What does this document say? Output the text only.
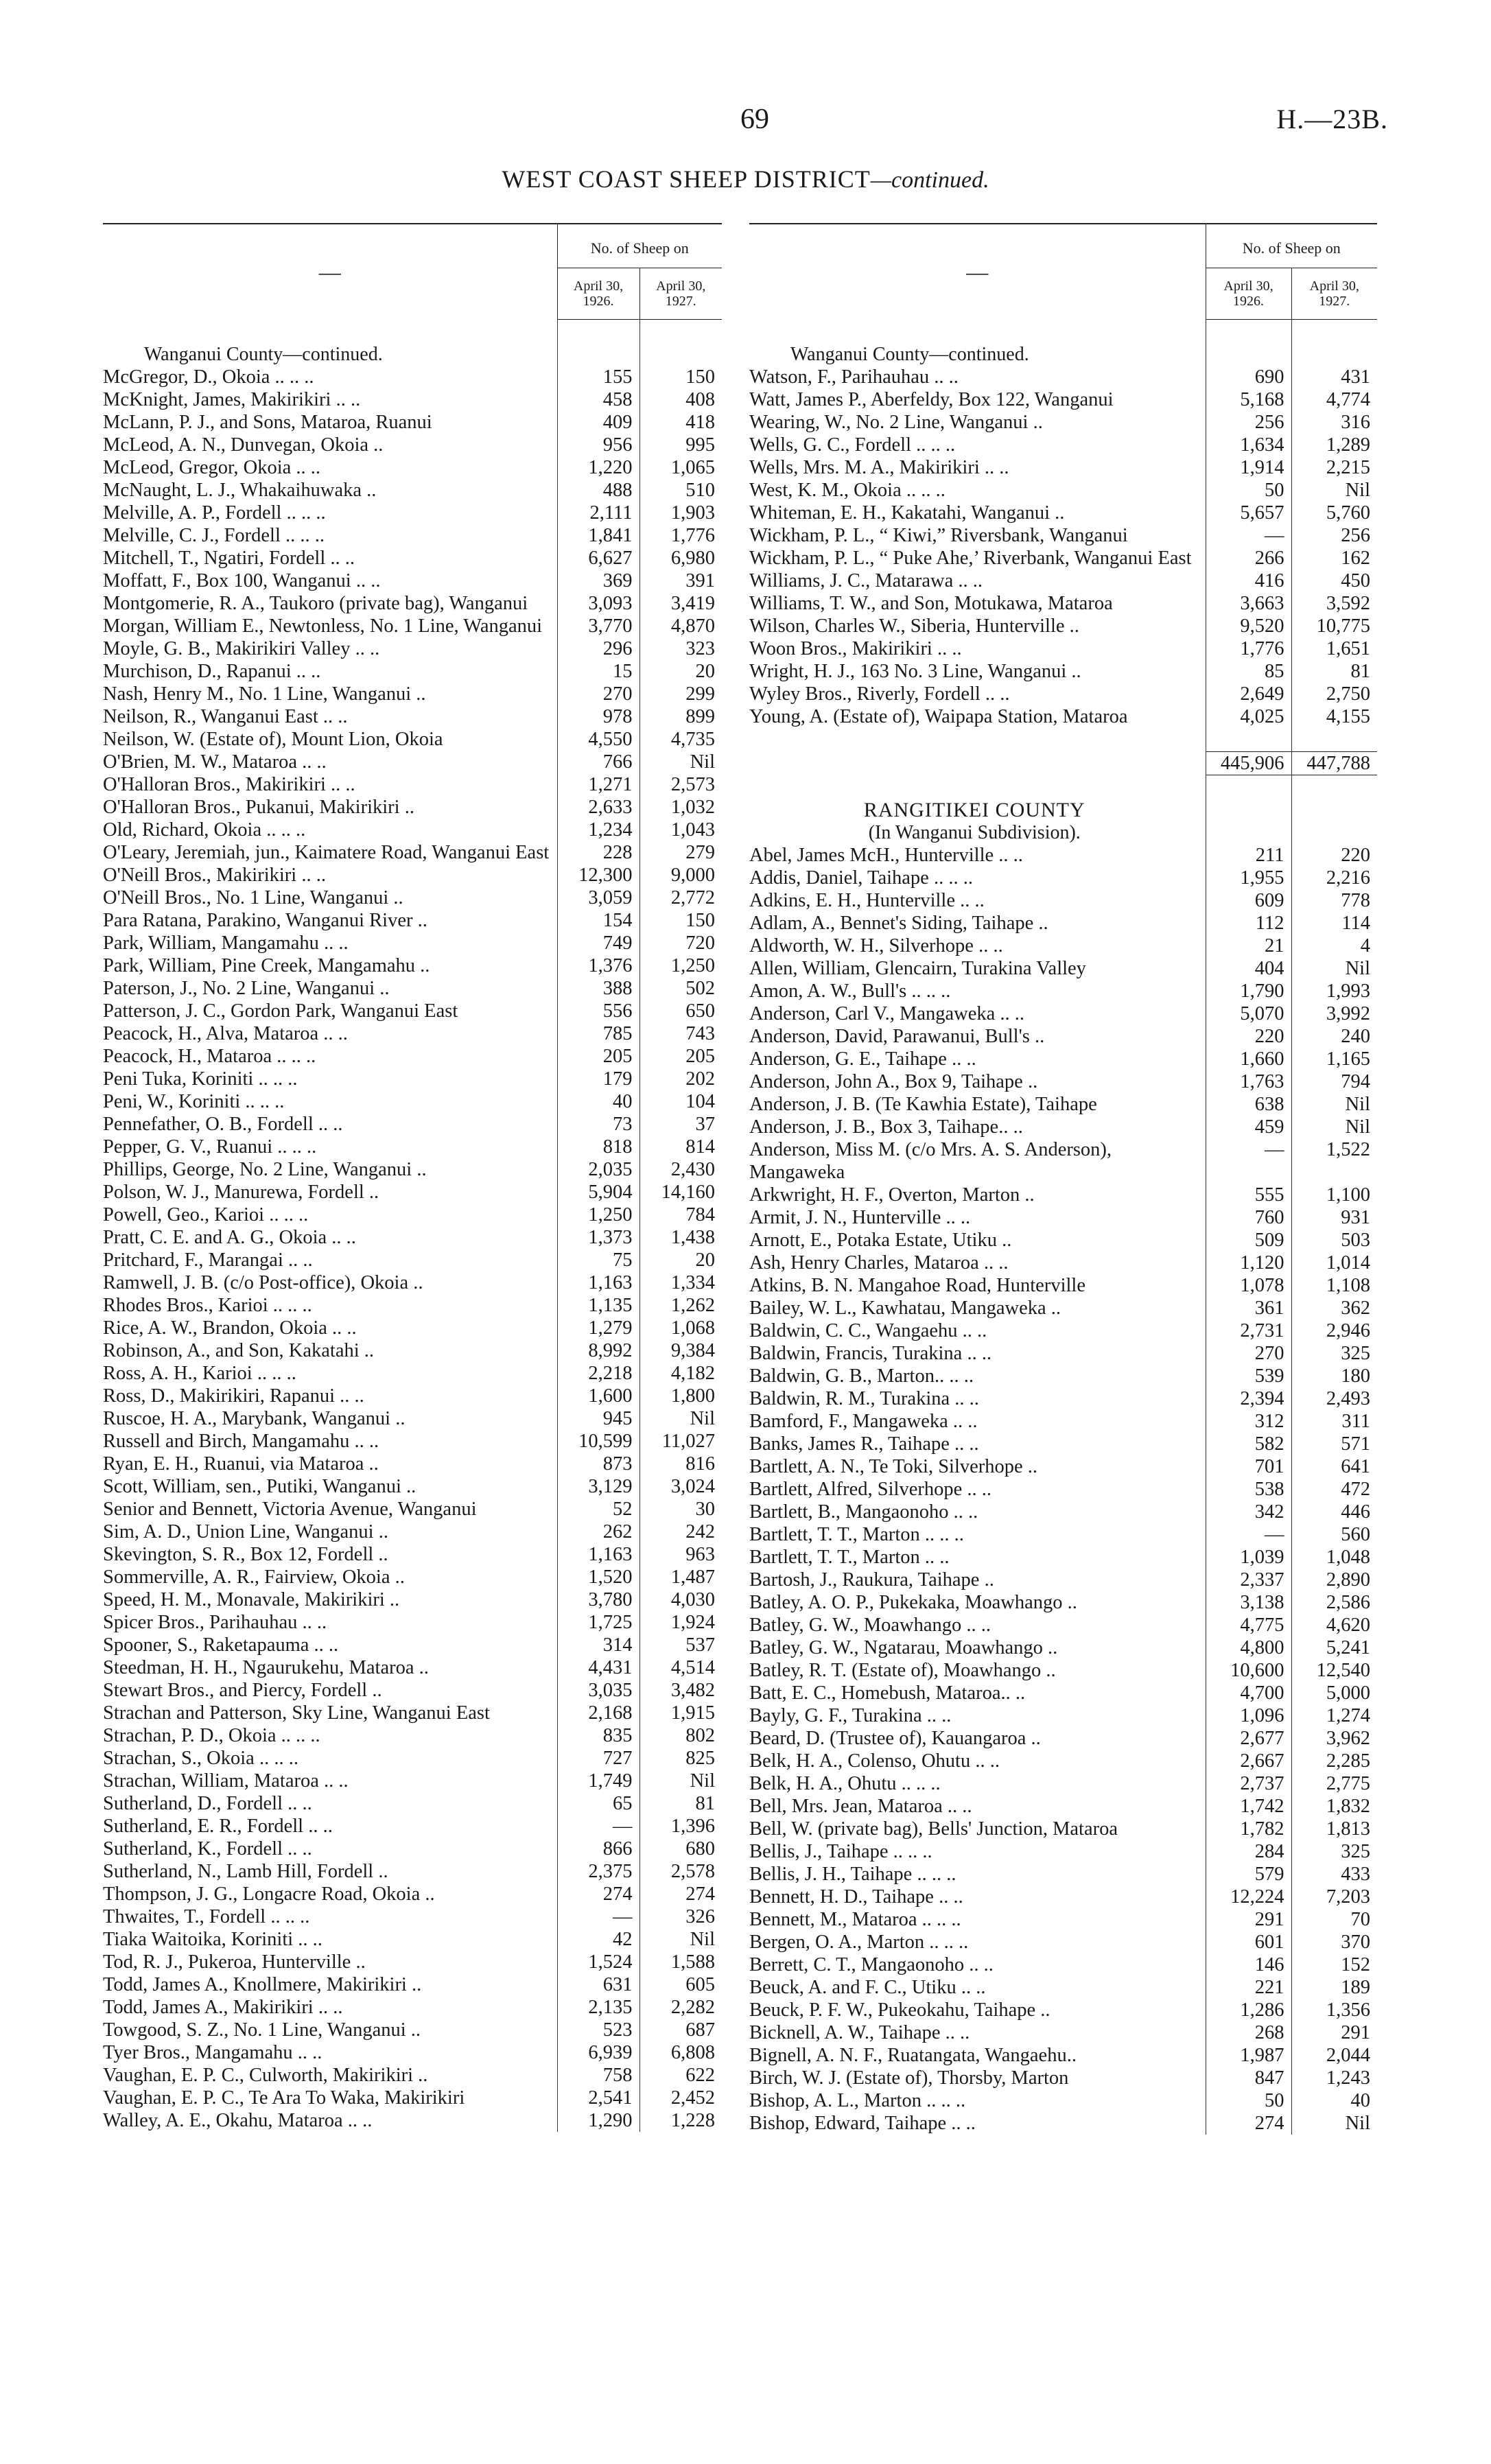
69	H.—23B.
WEST COAST SHEEP DISTRICT—continued.
—	No. of Sheep on	
	April 30, 1926.	April 30, 1927.

Wanganui County—continued.		
McGregor, D., Okoia .. .. ..	155	150
McKnight, James, Makirikiri .. ..	458	408
McLann, P. J., and Sons, Mataroa, Ruanui	409	418
McLeod, A. N., Dunvegan, Okoia ..	956	995
McLeod, Gregor, Okoia .. ..	1,220	1,065
McNaught, L. J., Whakaihuwaka ..	488	510
Melville, A. P., Fordell .. .. ..	2,111	1,903
Melville, C. J., Fordell .. .. ..	1,841	1,776
Mitchell, T., Ngatiri, Fordell .. ..	6,627	6,980
Moffatt, F., Box 100, Wanganui .. ..	369	391
Montgomerie, R. A., Taukoro (private bag), Wanganui	3,093	3,419
Morgan, William E., Newtonless, No. 1 Line, Wanganui	3,770	4,870
Moyle, G. B., Makirikiri Valley .. ..	296	323
Murchison, D., Rapanui .. ..	15	20
Nash, Henry M., No. 1 Line, Wanganui ..	270	299
Neilson, R., Wanganui East .. ..	978	899
Neilson, W. (Estate of), Mount Lion, Okoia	4,550	4,735
O'Brien, M. W., Mataroa .. ..	766	Nil
O'Halloran Bros., Makirikiri .. ..	1,271	2,573
O'Halloran Bros., Pukanui, Makirikiri ..	2,633	1,032
Old, Richard, Okoia .. .. ..	1,234	1,043
O'Leary, Jeremiah, jun., Kaimatere Road, Wanganui East	228	279
O'Neill Bros., Makirikiri .. ..	12,300	9,000
O'Neill Bros., No. 1 Line, Wanganui ..	3,059	2,772
Para Ratana, Parakino, Wanganui River ..	154	150
Park, William, Mangamahu .. ..	749	720
Park, William, Pine Creek, Mangamahu ..	1,376	1,250
Paterson, J., No. 2 Line, Wanganui ..	388	502
Patterson, J. C., Gordon Park, Wanganui East	556	650
Peacock, H., Alva, Mataroa .. ..	785	743
Peacock, H., Mataroa .. .. ..	205	205
Peni Tuka, Koriniti .. .. ..	179	202
Peni, W., Koriniti .. .. ..	40	104
Pennefather, O. B., Fordell .. ..	73	37
Pepper, G. V., Ruanui .. .. ..	818	814
Phillips, George, No. 2 Line, Wanganui ..	2,035	2,430
Polson, W. J., Manurewa, Fordell ..	5,904	14,160
Powell, Geo., Karioi .. .. ..	1,250	784
Pratt, C. E. and A. G., Okoia .. ..	1,373	1,438
Pritchard, F., Marangai .. ..	75	20
Ramwell, J. B. (c/o Post-office), Okoia ..	1,163	1,334
Rhodes Bros., Karioi .. .. ..	1,135	1,262
Rice, A. W., Brandon, Okoia .. ..	1,279	1,068
Robinson, A., and Son, Kakatahi ..	8,992	9,384
Ross, A. H., Karioi .. .. ..	2,218	4,182
Ross, D., Makirikiri, Rapanui .. ..	1,600	1,800
Ruscoe, H. A., Marybank, Wanganui ..	945	Nil
Russell and Birch, Mangamahu .. ..	10,599	11,027
Ryan, E. H., Ruanui, via Mataroa ..	873	816
Scott, William, sen., Putiki, Wanganui ..	3,129	3,024
Senior and Bennett, Victoria Avenue, Wanganui	52	30
Sim, A. D., Union Line, Wanganui ..	262	242
Skevington, S. R., Box 12, Fordell ..	1,163	963
Sommerville, A. R., Fairview, Okoia ..	1,520	1,487
Speed, H. M., Monavale, Makirikiri ..	3,780	4,030
Spicer Bros., Parihauhau .. ..	1,725	1,924
Spooner, S., Raketapauma .. ..	314	537
Steedman, H. H., Ngaurukehu, Mataroa ..	4,431	4,514
Stewart Bros., and Piercy, Fordell ..	3,035	3,482
Strachan and Patterson, Sky Line, Wanganui East	2,168	1,915
Strachan, P. D., Okoia .. .. ..	835	802
Strachan, S., Okoia .. .. ..	727	825
Strachan, William, Mataroa .. ..	1,749	Nil
Sutherland, D., Fordell .. ..	65	81
Sutherland, E. R., Fordell .. ..	—	1,396
Sutherland, K., Fordell .. ..	866	680
Sutherland, N., Lamb Hill, Fordell ..	2,375	2,578
Thompson, J. G., Longacre Road, Okoia ..	274	274
Thwaites, T., Fordell .. .. ..	—	326
Tiaka Waitoika, Koriniti .. ..	42	Nil
Tod, R. J., Pukeroa, Hunterville ..	1,524	1,588
Todd, James A., Knollmere, Makirikiri ..	631	605
Todd, James A., Makirikiri .. ..	2,135	2,282
Towgood, S. Z., No. 1 Line, Wanganui ..	523	687
Tyer Bros., Mangamahu .. ..	6,939	6,808
Vaughan, E. P. C., Culworth, Makirikiri ..	758	622
Vaughan, E. P. C., Te Ara To Waka, Makirikiri	2,541	2,452
Walley, A. E., Okahu, Mataroa .. ..	1,290	1,228
—	No. of Sheep on	
	April 30, 1926.	April 30, 1927.

Wanganui County—continued.		
Watson, F., Parihauhau .. ..	690	431
Watt, James P., Aberfeldy, Box 122, Wanganui	5,168	4,774
Wearing, W., No. 2 Line, Wanganui ..	256	316
Wells, G. C., Fordell .. .. ..	1,634	1,289
Wells, Mrs. M. A., Makirikiri .. ..	1,914	2,215
West, K. M., Okoia .. .. ..	50	Nil
Whiteman, E. H., Kakatahi, Wanganui ..	5,657	5,760
Wickham, P. L., “ Kiwi,” Riversbank, Wanganui	—	256
Wickham, P. L., “ Puke Ahe,’ Riverbank, Wanganui East	266	162
Williams, J. C., Matarawa .. ..	416	450
Williams, T. W., and Son, Motukawa, Mataroa	3,663	3,592
Wilson, Charles W., Siberia, Hunterville ..	9,520	10,775
Woon Bros., Makirikiri .. ..	1,776	1,651
Wright, H. J., 163 No. 3 Line, Wanganui ..	85	81
Wyley Bros., Riverly, Fordell .. ..	2,649	2,750
Young, A. (Estate of), Waipapa Station, Mataroa	4,025	4,155

	445,906	447,788

RANGITIKEI COUNTY		
(In Wanganui Subdivision).		
Abel, James McH., Hunterville .. ..	211	220
Addis, Daniel, Taihape .. .. ..	1,955	2,216
Adkins, E. H., Hunterville .. ..	609	778
Adlam, A., Bennet's Siding, Taihape ..	112	114
Aldworth, W. H., Silverhope .. ..	21	4
Allen, William, Glencairn, Turakina Valley	404	Nil
Amon, A. W., Bull's .. .. ..	1,790	1,993
Anderson, Carl V., Mangaweka .. ..	5,070	3,992
Anderson, David, Parawanui, Bull's ..	220	240
Anderson, G. E., Taihape .. ..	1,660	1,165
Anderson, John A., Box 9, Taihape ..	1,763	794
Anderson, J. B. (Te Kawhia Estate), Taihape	638	Nil
Anderson, J. B., Box 3, Taihape.. ..	459	Nil
Anderson, Miss M. (c/o Mrs. A. S. Anderson), Mangaweka	—	1,522
Arkwright, H. F., Overton, Marton ..	555	1,100
Armit, J. N., Hunterville .. ..	760	931
Arnott, E., Potaka Estate, Utiku ..	509	503
Ash, Henry Charles, Mataroa .. ..	1,120	1,014
Atkins, B. N. Mangahoe Road, Hunterville	1,078	1,108
Bailey, W. L., Kawhatau, Mangaweka ..	361	362
Baldwin, C. C., Wangaehu .. ..	2,731	2,946
Baldwin, Francis, Turakina .. ..	270	325
Baldwin, G. B., Marton.. .. ..	539	180
Baldwin, R. M., Turakina .. ..	2,394	2,493
Bamford, F., Mangaweka .. ..	312	311
Banks, James R., Taihape .. ..	582	571
Bartlett, A. N., Te Toki, Silverhope ..	701	641
Bartlett, Alfred, Silverhope .. ..	538	472
Bartlett, B., Mangaonoho .. ..	342	446
Bartlett, T. T., Marton .. .. ..	—	560
Bartlett, T. T., Marton .. ..	1,039	1,048
Bartosh, J., Raukura, Taihape ..	2,337	2,890
Batley, A. O. P., Pukekaka, Moawhango ..	3,138	2,586
Batley, G. W., Moawhango .. ..	4,775	4,620
Batley, G. W., Ngatarau, Moawhango ..	4,800	5,241
Batley, R. T. (Estate of), Moawhango ..	10,600	12,540
Batt, E. C., Homebush, Mataroa.. ..	4,700	5,000
Bayly, G. F., Turakina .. ..	1,096	1,274
Beard, D. (Trustee of), Kauangaroa ..	2,677	3,962
Belk, H. A., Colenso, Ohutu .. ..	2,667	2,285
Belk, H. A., Ohutu .. .. ..	2,737	2,775
Bell, Mrs. Jean, Mataroa .. ..	1,742	1,832
Bell, W. (private bag), Bells' Junction, Mataroa	1,782	1,813
Bellis, J., Taihape .. .. ..	284	325
Bellis, J. H., Taihape .. .. ..	579	433
Bennett, H. D., Taihape .. ..	12,224	7,203
Bennett, M., Mataroa .. .. ..	291	70
Bergen, O. A., Marton .. .. ..	601	370
Berrett, C. T., Mangaonoho .. ..	146	152
Beuck, A. and F. C., Utiku .. ..	221	189
Beuck, P. F. W., Pukeokahu, Taihape ..	1,286	1,356
Bicknell, A. W., Taihape .. ..	268	291
Bignell, A. N. F., Ruatangata, Wangaehu..	1,987	2,044
Birch, W. J. (Estate of), Thorsby, Marton	847	1,243
Bishop, A. L., Marton .. .. ..	50	40
Bishop, Edward, Taihape .. ..	274	Nil
